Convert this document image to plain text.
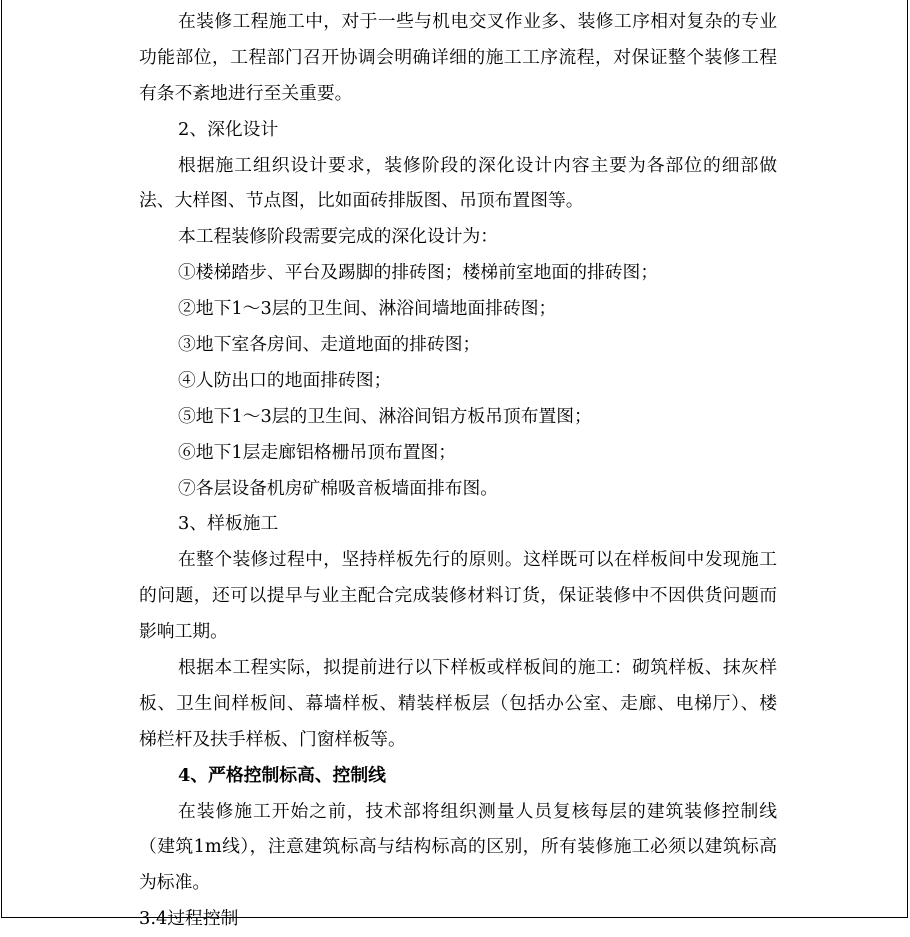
在装修工程施工中，对于一些与机电交叉作业多、装修工序相对复杂的专业
功能部位，工程部门召开协调会明确详细的施工工序流程，对保证整个装修工程
有条不紊地进行至关重要。
2、深化设计
根据施工组织设计要求，装修阶段的深化设计内容主要为各部位的细部做
法、大样图、节点图，比如面砖排版图、吊顶布置图等。
本工程装修阶段需要完成的深化设计为：
①楼梯踏步、平台及踢脚的排砖图；楼梯前室地面的排砖图；
②地下1～3层的卫生间、淋浴间墙地面排砖图；
③地下室各房间、走道地面的排砖图；
④人防出口的地面排砖图；
⑤地下1～3层的卫生间、淋浴间铝方板吊顶布置图；
⑥地下1层走廊铝格栅吊顶布置图；
⑦各层设备机房矿棉吸音板墙面排布图。
3、样板施工
在整个装修过程中，坚持样板先行的原则。这样既可以在样板间中发现施工
的问题，还可以提早与业主配合完成装修材料订货，保证装修中不因供货问题而
影响工期。
根据本工程实际，拟提前进行以下样板或样板间的施工：砌筑样板、抹灰样
板、卫生间样板间、幕墙样板、精装样板层（包括办公室、走廊、电梯厅）、楼
梯栏杆及扶手样板、门窗样板等。
4、严格控制标高、控制线
在装修施工开始之前，技术部将组织测量人员复核每层的建筑装修控制线
（建筑1m线），注意建筑标高与结构标高的区别，所有装修施工必须以建筑标高
为标准。
3.4过程控制
